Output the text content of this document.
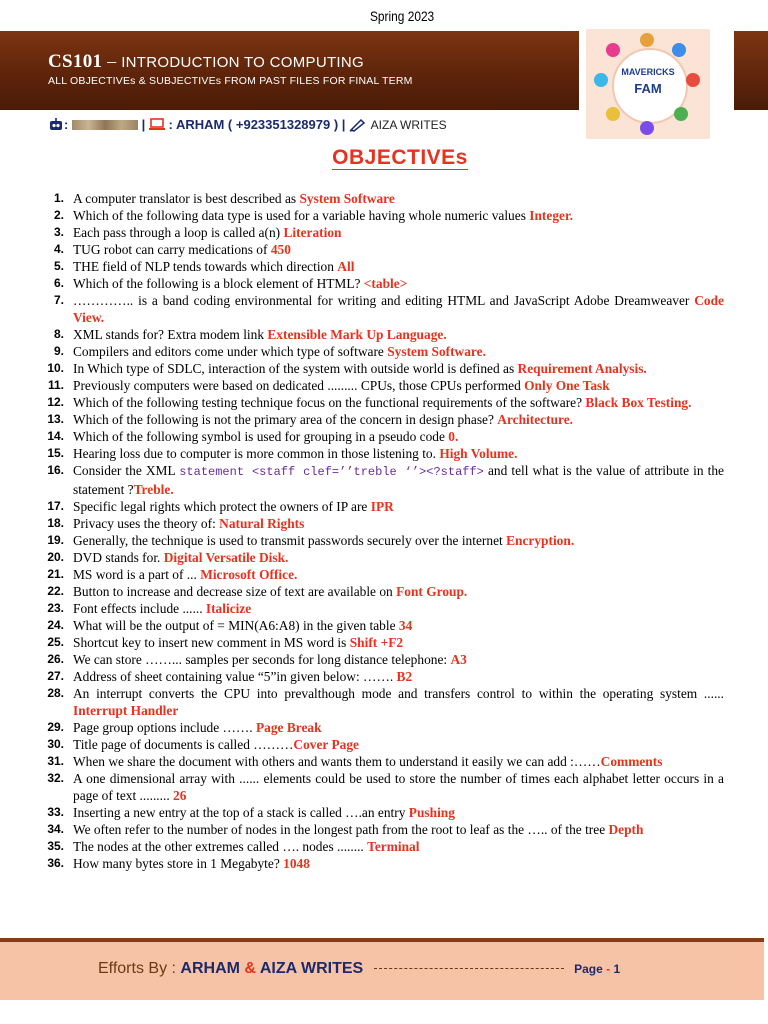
Spring 2023
CS101 – INTRODUCTION TO COMPUTING
ALL OBJECTIVEs & SUBJECTIVEs FROM PAST FILES FOR FINAL TERM
MAVERICKS
FAM
:	| : ARHAM ( +923351328979 ) | AIZA WRITES
OBJECTIVEs
1. A computer translator is best described as System Software
2. Which of the following data type is used for a variable having whole numeric values Integer.
3. Each pass through a loop is called a(n) Literation
4. TUG robot can carry medications of 450
5. THE field of NLP tends towards which direction All
6. Which of the following is a block element of HTML? <table>
7. ………….. is a band coding environmental for writing and editing HTML and JavaScript Adobe Dreamweaver Code View.
8. XML stands for? Extra modem link Extensible Mark Up Language.
9. Compilers and editors come under which type of software System Software.
10. In Which type of SDLC, interaction of the system with outside world is defined as Requirement Analysis.
11. Previously computers were based on dedicated ......... CPUs, those CPUs performed Only One Task
12. Which of the following testing technique focus on the functional requirements of the software? Black Box Testing.
13. Which of the following is not the primary area of the concern in design phase? Architecture.
14. Which of the following symbol is used for grouping in a pseudo code 0.
15. Hearing loss due to computer is more common in those listening to. High Volume.
16. Consider the XML statement <staff clef=’’treble ‘’><?staff> and tell what is the value of attribute in the statement ?Treble.
17. Specific legal rights which protect the owners of IP are IPR
18. Privacy uses the theory of: Natural Rights
19. Generally, the technique is used to transmit passwords securely over the internet Encryption.
20. DVD stands for. Digital Versatile Disk.
21. MS word is a part of ... Microsoft Office.
22. Button to increase and decrease size of text are available on Font Group.
23. Font effects include ...... Italicize
24. What will be the output of = MIN(A6:A8) in the given table 34
25. Shortcut key to insert new comment in MS word is Shift +F2
26. We can store ……... samples per seconds for long distance telephone: A3
27. Address of sheet containing value “5”in given below: ……. B2
28. An interrupt converts the CPU into prevalthough mode and transfers control to within the operating system ...... Interrupt Handler
29. Page group options include ……. Page Break
30. Title page of documents is called ………Cover Page
31. When we share the document with others and wants them to understand it easily we can add :……Comments
32. A one dimensional array with ...... elements could be used to store the number of times each alphabet letter occurs in a page of text ......... 26
33. Inserting a new entry at the top of a stack is called ….an entry Pushing
34. We often refer to the number of nodes in the longest path from the root to leaf as the ….. of the tree Depth
35. The nodes at the other extremes called …. nodes ........ Terminal
36. How many bytes store in 1 Megabyte? 1048
Efforts By : ARHAM & AIZA WRITES	Page - 1
